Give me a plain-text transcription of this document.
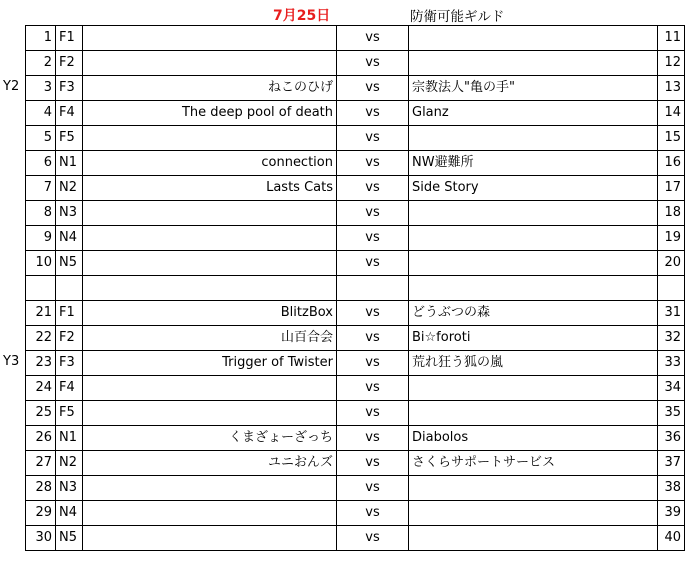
7月25日	防衛可能ギルド
Y2
Y3
1	F1		vs		11
2	F2		vs		12
3	F3	ねこのひげ	vs	宗教法人"亀の手"	13
4	F4	The deep pool of death	vs	Glanz	14
5	F5		vs		15
6	N1	connection	vs	NW避難所	16
7	N2	Lasts Cats	vs	Side Story	17
8	N3		vs		18
9	N4		vs		19
10	N5		vs		20

21	F1	BlitzBox	vs	どうぶつの森	31
22	F2	山百合会	vs	Bi☆foroti	32
23	F3	Trigger of Twister	vs	荒れ狂う狐の嵐	33
24	F4		vs		34
25	F5		vs		35
26	N1	くまざょーざっち	vs	Diabolos	36
27	N2	ユニおんズ	vs	さくらサポートサービス	37
28	N3		vs		38
29	N4		vs		39
30	N5		vs		40
